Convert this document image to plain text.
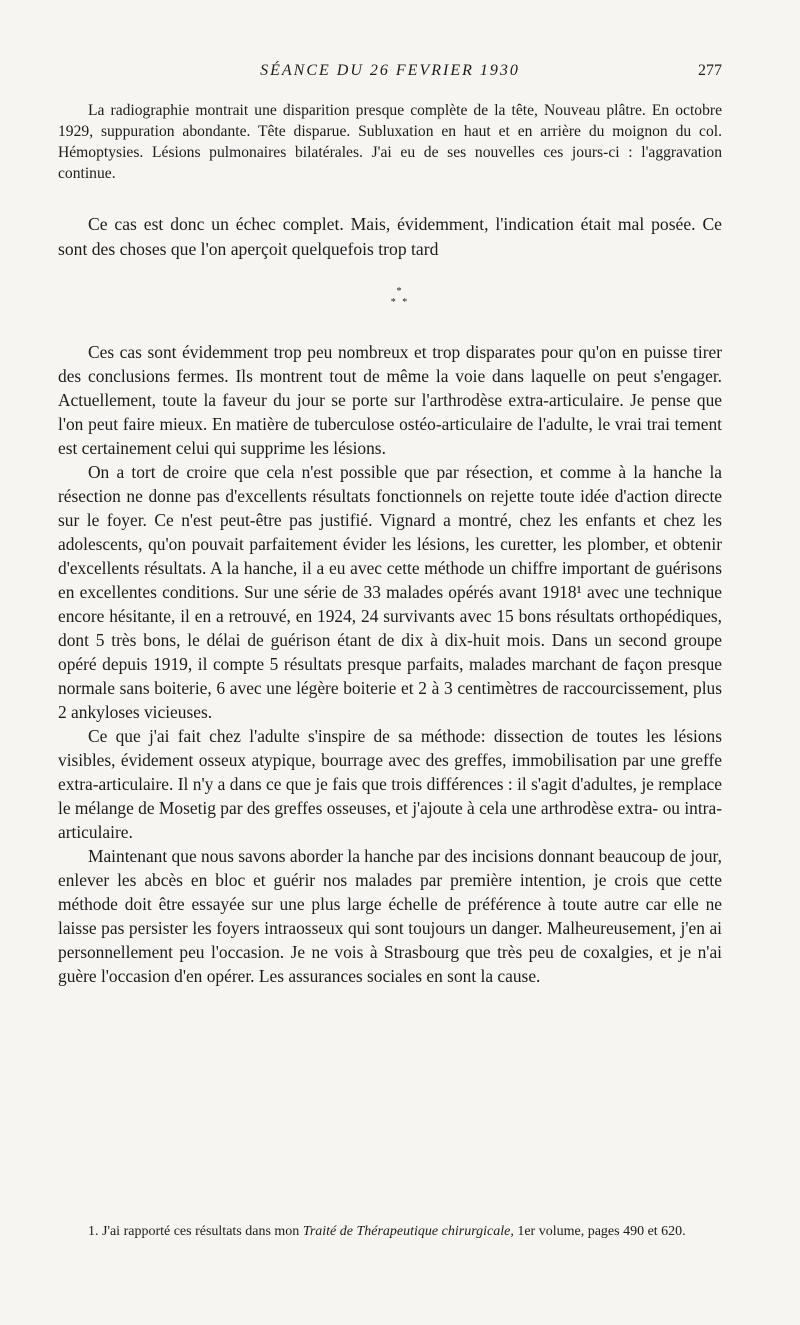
SÉANCE DU 26 FEVRIER 1930	277

La radiographie montrait une disparition presque complète de la tête, Nouveau plâtre. En octobre 1929, suppuration abondante. Tête disparue. Subluxation en haut et en arrière du moignon du col. Hémoptysies. Lésions pulmonaires bilatérales. J'ai eu de ses nouvelles ces jours-ci : l'aggravation continue.

Ce cas est donc un échec complet. Mais, évidemment, l'indication était mal posée. Ce sont des choses que l'on aperçoit quelquefois trop tard

*
* *

Ces cas sont évidemment trop peu nombreux et trop disparates pour qu'on en puisse tirer des conclusions fermes. Ils montrent tout de même la voie dans laquelle on peut s'engager. Actuellement, toute la faveur du jour se porte sur l'arthrodèse extra-articulaire. Je pense que l'on peut faire mieux. En matière de tuberculose ostéo-articulaire de l'adulte, le vrai trai tement est certainement celui qui supprime les lésions.

On a tort de croire que cela n'est possible que par résection, et comme à la hanche la résection ne donne pas d'excellents résultats fonctionnels on rejette toute idée d'action directe sur le foyer. Ce n'est peut-être pas justifié. Vignard a montré, chez les enfants et chez les adolescents, qu'on pouvait parfaitement évider les lésions, les curetter, les plomber, et obtenir d'excellents résultats. A la hanche, il a eu avec cette méthode un chiffre important de guérisons en excellentes conditions. Sur une série de 33 malades opérés avant 1918¹ avec une technique encore hésitante, il en a retrouvé, en 1924, 24 survivants avec 15 bons résultats orthopédiques, dont 5 très bons, le délai de guérison étant de dix à dix-huit mois. Dans un second groupe opéré depuis 1919, il compte 5 résultats presque parfaits, malades marchant de façon presque normale sans boiterie, 6 avec une légère boiterie et 2 à 3 centimètres de raccourcissement, plus 2 ankyloses vicieuses.

Ce que j'ai fait chez l'adulte s'inspire de sa méthode: dissection de toutes les lésions visibles, évidement osseux atypique, bourrage avec des greffes, immobilisation par une greffe extra-articulaire. Il n'y a dans ce que je fais que trois différences : il s'agit d'adultes, je remplace le mélange de Mosetig par des greffes osseuses, et j'ajoute à cela une arthrodèse extra- ou intra-articulaire.

Maintenant que nous savons aborder la hanche par des incisions donnant beaucoup de jour, enlever les abcès en bloc et guérir nos malades par première intention, je crois que cette méthode doit être essayée sur une plus large échelle de préférence à toute autre car elle ne laisse pas persister les foyers intraosseux qui sont toujours un danger. Malheureusement, j'en ai personnellement peu l'occasion. Je ne vois à Strasbourg que très peu de coxalgies, et je n'ai guère l'occasion d'en opérer. Les assurances sociales en sont la cause.

1. J'ai rapporté ces résultats dans mon Traité de Thérapeutique chirurgicale, 1er volume, pages 490 et 620.
